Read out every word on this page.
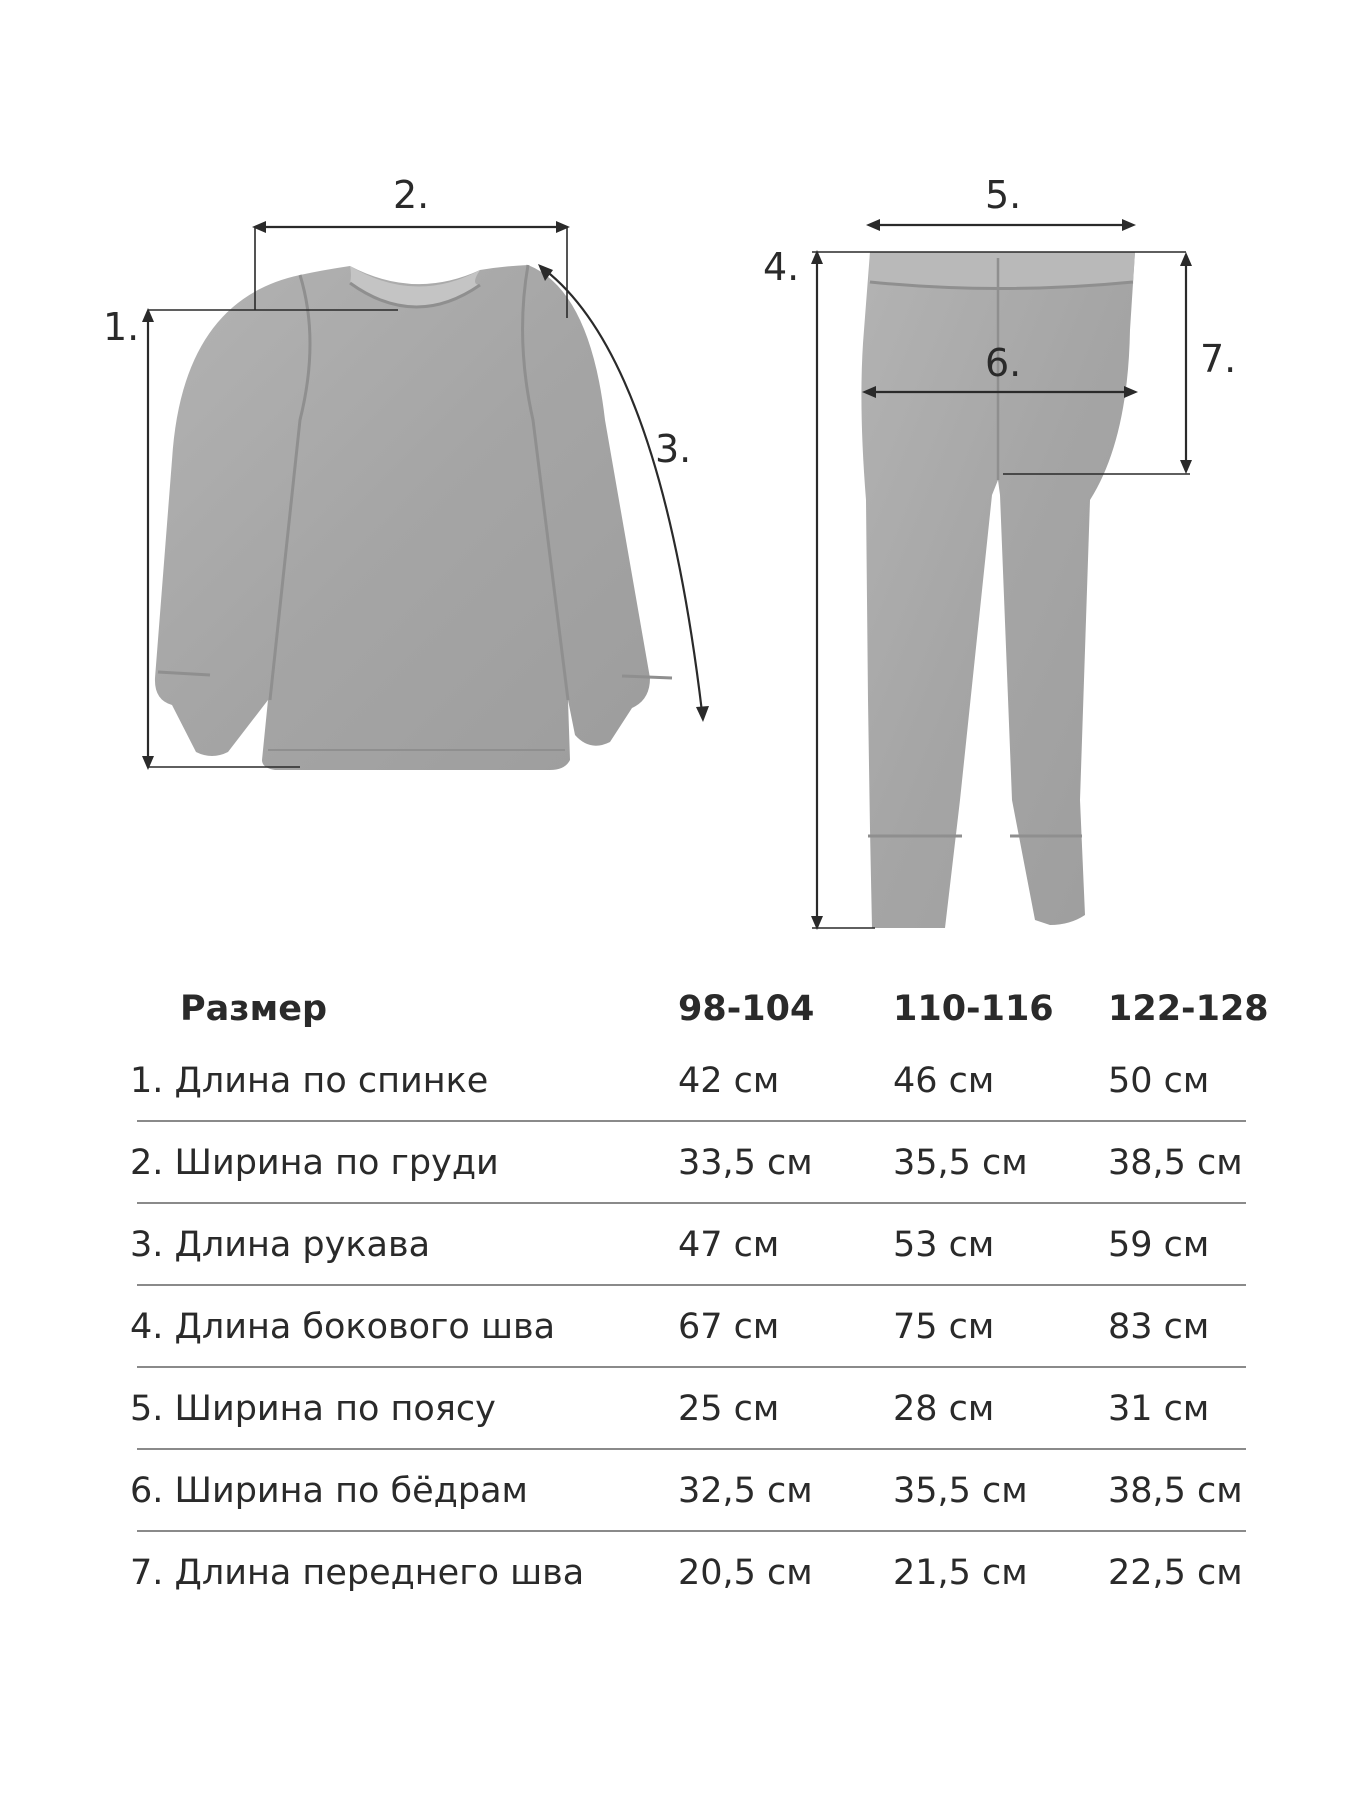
1.
2.
3.
4.
5.
6.	7.
Размер	98-104 110-116 122-128
1. Длина по спинке	42 см	46 см	50 см
2. Ширина по груди	33,5 см 35,5 см 38,5 см
3. Длина рукава	47 см	53 см	59 см
4. Длина бокового шва	67 см	75 см	83 см
5. Ширина по поясу	25 см	28 см	31 см
6. Ширина по бёдрам	32,5 см 35,5 см 38,5 см
7. Длина переднего шва	20,5 см 21,5 см 22,5 см
